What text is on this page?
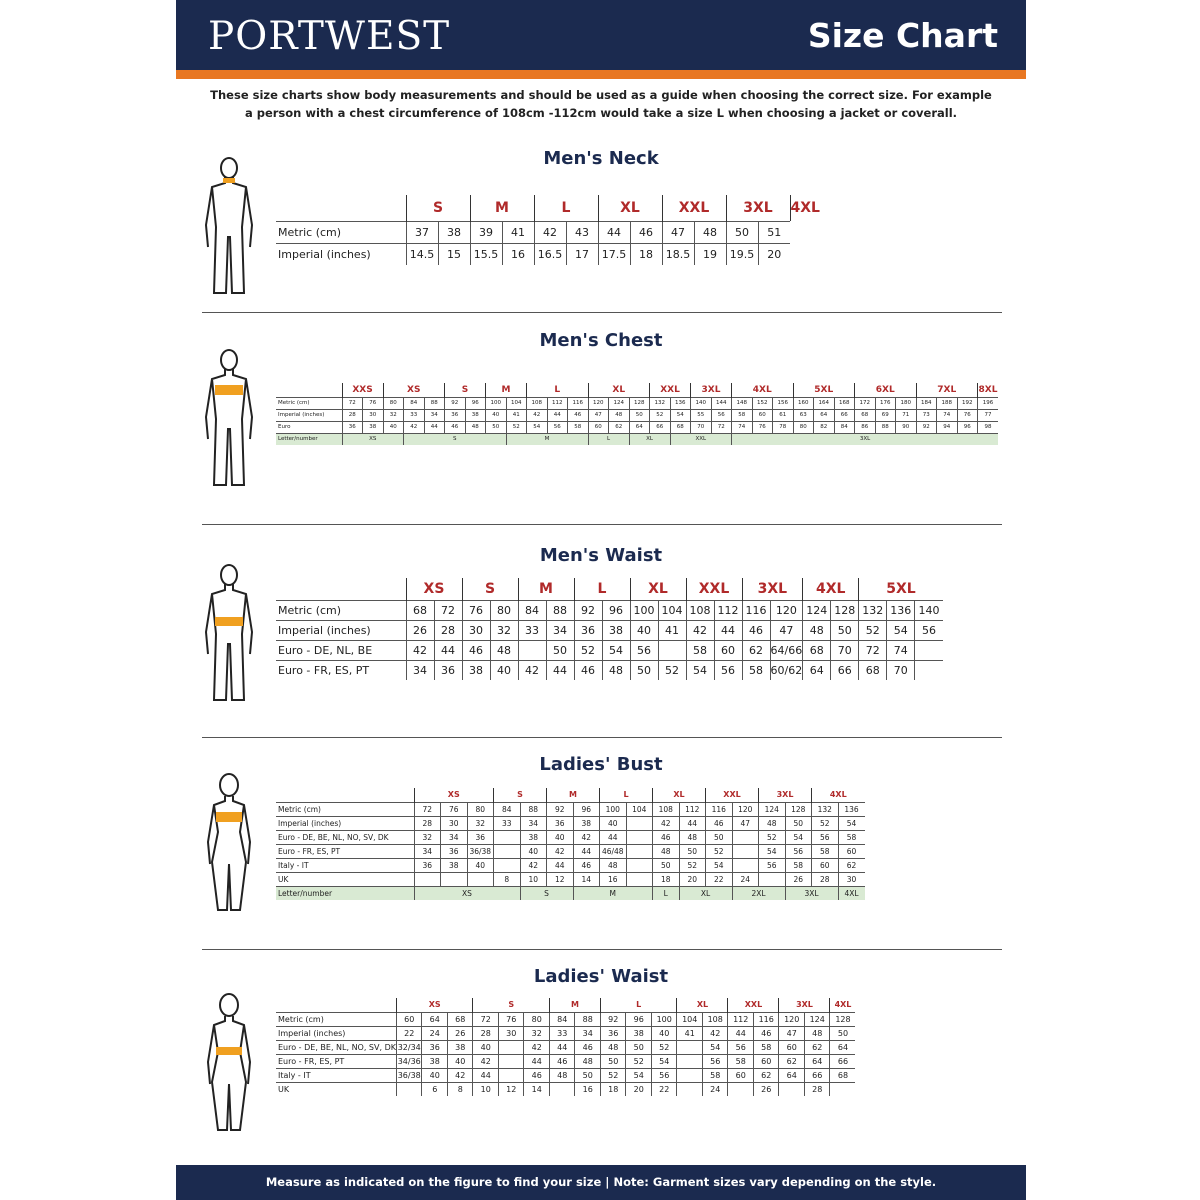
PORTWEST	Size Chart
These size charts show body measurements and should be used as a guide when choosing the correct size. For example a person with a chest circumference of 108cm -112cm would take a size L when choosing a jacket or coverall.
Men's Neck
	S		M		L		XL		XXL		3XL		4XL
Metric (cm)	37	38	39	41	42	43	44	46	47	48	50	51	
Imperial (inches)	14.5	15	15.5	16	16.5	17	17.5	18	18.5	19	19.5	20	
Men's Chest
	XXS		XS			S		M		L			XL			XXL		3XL		4XL			5XL			6XL			7XL			8XL
Metric (cm)	72	76	80	84	88	92	96	100	104	108	112	116	120	124	128	132	136	140	144	148	152	156	160	164	168	172	176	180	184	188	192	196
Imperial (inches)	28	30	32	33	34	36	38	40	41	42	44	46	47	48	50	52	54	55	56	58	60	61	63	64	66	68	69	71	73	74	76	77
Euro	36	38	40	42	44	46	48	50	52	54	56	58	60	62	64	66	68	70	72	74	76	78	80	82	84	86	88	90	92	94	96	98
Letter/number	XS			S					M				L		XL		XXL			3XL												
Men's Waist
	XS		S		M		L		XL		XXL		3XL		4XL		5XL		
Metric (cm)	68	72	76	80	84	88	92	96	100	104	108	112	116	120	124	128	132	136	140
Imperial (inches)	26	28	30	32	33	34	36	38	40	41	42	44	46	47	48	50	52	54	56
Euro - DE, NL, BE	42	44	46	48		50	52	54	56		58	60	62	64/66	68	70	72	74	
Euro - FR, ES, PT	34	36	38	40	42	44	46	48	50	52	54	56	58	60/62	64	66	68	70	
Ladies' Bust
	XS			S		M		L		XL		XXL		3XL		4XL	
Metric (cm)	72	76	80	84	88	92	96	100	104	108	112	116	120	124	128	132	136
Imperial (inches)	28	30	32	33	34	36	38	40		42	44	46	47	48	50	52	54
Euro - DE, BE, NL, NO, SV, DK	32	34	36		38	40	42	44		46	48	50		52	54	56	58
Euro - FR, ES, PT	34	36	36/38		40	42	44	46/48		48	50	52		54	56	58	60
Italy - IT	36	38	40		42	44	46	48		50	52	54		56	58	60	62
UK				8	10	12	14	16		18	20	22	24		26	28	30
Letter/number	XS				S		M			L	XL		2XL		3XL		4XL
Ladies' Waist
	XS			S			M		L			XL		XXL		3XL		4XL
Metric (cm)	60	64	68	72	76	80	84	88	92	96	100	104	108	112	116	120	124	128
Imperial (inches)	22	24	26	28	30	32	33	34	36	38	40	41	42	44	46	47	48	50
Euro - DE, BE, NL, NO, SV, DK	32/34	36	38	40		42	44	46	48	50	52		54	56	58	60	62	64
Euro - FR, ES, PT	34/36	38	40	42		44	46	48	50	52	54		56	58	60	62	64	66
Italy - IT	36/38	40	42	44		46	48	50	52	54	56		58	60	62	64	66	68
UK		6	8	10	12	14		16	18	20	22		24		26		28	
Measure as indicated on the figure to find your size | Note: Garment sizes vary depending on the style.
